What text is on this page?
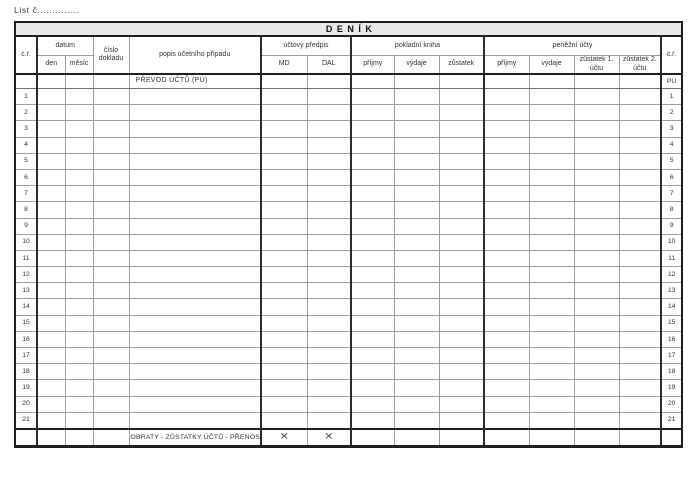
List č..............
DENÍK														
č.ř.	datum		číslo dokladu	popis účetního případu	účtový předpis		pokladní kniha			peněžní účty				č.ř.
	den	měsíc			MD	DAL	příjmy	výdaje	zůstatek	příjmy	výdaje	zůstatek 1. účtu	zůstatek 2. účtu	
				PŘEVOD ÚČTŮ (PÚ)										PÚ
1														1
2														2
3														3
4														4
5														5
6														6
7														7
8														8
9														9
10														10
11														11
12														12
13														13
14														14
15														15
16														16
17														17
18														18
19														19
20														20
21														21
				OBRATY - ZŮSTATKY ÚČTŮ - PŘENOS	✕	✕								
